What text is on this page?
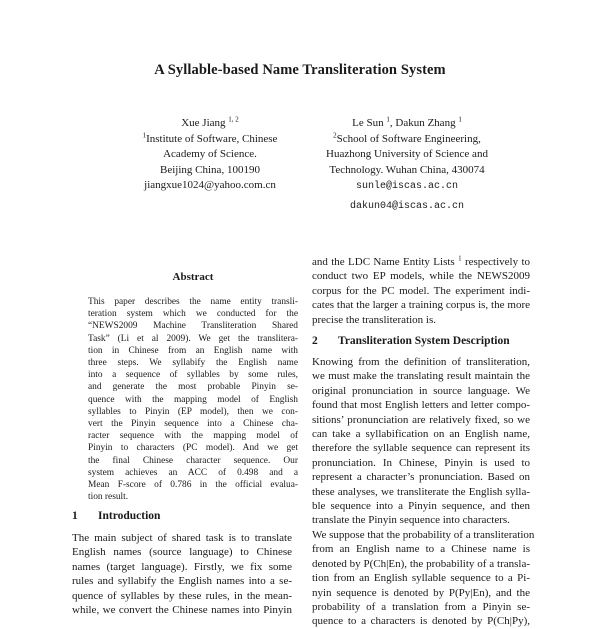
A Syllable-based Name Transliteration System
Xue Jiang $^{1, 2}$
$^1$Institute of Software, Chinese
Academy of Science.
Beijing China, 100190
jiangxue1024@yahoo.com.cn
Le Sun $^1$, Dakun Zhang $^1$
$^2$School of Software Engineering,
Huazhong University of Science and
Technology. Wuhan China, 430074
sunle@iscas.ac.cn
dakun04@iscas.ac.cn
Abstract
This paper describes the name entity transli-
teration system which we conducted for the
“NEWS2009 Machine Transliteration Shared
Task” (Li et al 2009). We get the translitera-
tion in Chinese from an English name with
three steps. We syllabify the English name
into a sequence of syllables by some rules,
and generate the most probable Pinyin se-
quence with the mapping model of English
syllables to Pinyin (EP model), then we con-
vert the Pinyin sequence into a Chinese cha-
racter sequence with the mapping model of
Pinyin to characters (PC model). And we get
the final Chinese character sequence. Our
system achieves an ACC of 0.498 and a
Mean F-score of 0.786 in the official evalua-
tion result.
1 Introduction
The main subject of shared task is to translate
English names (source language) to Chinese
names (target language). Firstly, we fix some
rules and syllabify the English names into a se-
quence of syllables by these rules, in the mean-
while, we convert the Chinese names into Pinyin
and the LDC Name Entity Lists $^1$ respectively to
conduct two EP models, while the NEWS2009
corpus for the PC model. The experiment indi-
cates that the larger a training corpus is, the more
precise the transliteration is.
2 Transliteration System Description
Knowing from the definition of transliteration,
we must make the translating result maintain the
original pronunciation in source language. We
found that most English letters and letter compo-
sitions’ pronunciation are relatively fixed, so we
can take a syllabification on an English name,
therefore the syllable sequence can represent its
pronunciation. In Chinese, Pinyin is used to
represent a character’s pronunciation. Based on
these analyses, we transliterate the English sylla-
ble sequence into a Pinyin sequence, and then
translate the Pinyin sequence into characters.
We suppose that the probability of a transliteration
from an English name to a Chinese name is
denoted by P(Ch|En), the probability of a transla-
tion from an English syllable sequence to a Pi-
nyin sequence is denoted by P(Py|En), and the
probability of a translation from a Pinyin se-
quence to a characters is denoted by P(Ch|Py),
